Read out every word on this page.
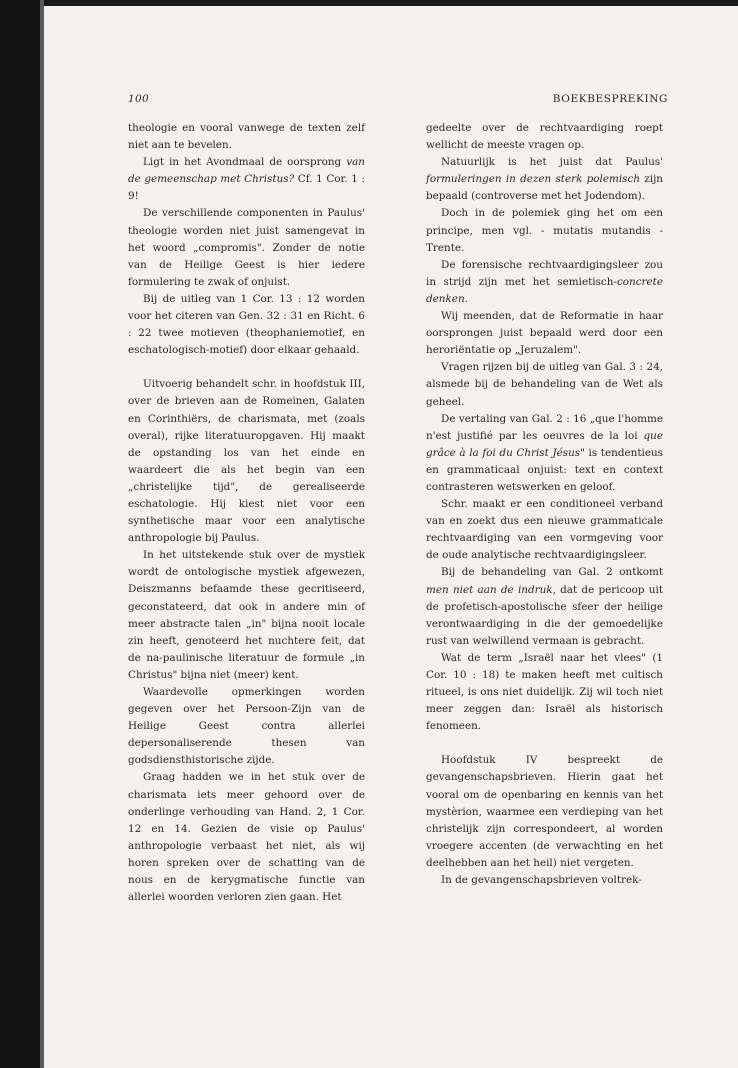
100	BOEKBESPREKING

theologie en vooral vanwege de texten zelf niet aan te bevelen.

Ligt in het Avondmaal de oorsprong van de gemeenschap met Christus? Cf. 1 Cor. 1 : 9!

De verschillende componenten in Paulus' theologie worden niet juist samengevat in het woord „compromis". Zonder de notie van de Heilige Geest is hier iedere formulering te zwak of onjuist.

Bij de uitleg van 1 Cor. 13 : 12 worden voor het citeren van Gen. 32 : 31 en Richt. 6 : 22 twee motieven (theophaniemotief, en eschatologisch-motief) door elkaar gehaald.

Uitvoerig behandelt schr. in hoofdstuk III, over de brieven aan de Romeinen, Galaten en Corinthiërs, de charismata, met (zoals overal), rijke literatuuropgaven. Hij maakt de opstanding los van het einde en waardeert die als het begin van een „christelijke tijd", de gerealiseerde eschatologie. Hij kiest niet voor een synthetische maar voor een analytische anthropologie bij Paulus.

In het uitstekende stuk over de mystiek wordt de ontologische mystiek afgewezen, Deiszmanns befaamde these gecritiseerd, geconstateerd, dat ook in andere min of meer abstracte talen „in" bijna nooit locale zin heeft, genoteerd het nuchtere feit, dat de na-paulinische literatuur de formule „in Christus" bijna niet (meer) kent.

Waardevolle opmerkingen worden gegeven over het Persoon-Zijn van de Heilige Geest contra allerlei depersonaliserende thesen van godsdiensthistorische zijde.

Graag hadden we in het stuk over de charismata iets meer gehoord over de onderlinge verhouding van Hand. 2, 1 Cor. 12 en 14. Gezien de visie op Paulus' anthropologie verbaast het niet, als wij horen spreken over de schatting van de nous en de kerygmatische functie van allerlei woorden verloren zien gaan. Het

gedeelte over de rechtvaardiging roept wellicht de meeste vragen op.

Natuurlijk is het juist dat Paulus' formuleringen in dezen sterk polemisch zijn bepaald (controverse met het Jodendom).

Doch in de polemiek ging het om een principe, men vgl. - mutatis mutandis - Trente.

De forensische rechtvaardigingsleer zou in strijd zijn met het semietisch-concrete denken.

Wij meenden, dat de Reformatie in haar oorsprongen juist bepaald werd door een heroriëntatie op „Jeruzalem".

Vragen rijzen bij de uitleg van Gal. 3 : 24, alsmede bij de behandeling van de Wet als geheel.

De vertaling van Gal. 2 : 16 „que l'homme n'est justifié par les oeuvres de la loi que grâce à la foi du Christ Jésus" is tendentieus en grammaticaal onjuist: text en context contrasteren wetswerken en geloof.

Schr. maakt er een conditioneel verband van en zoekt dus een nieuwe grammaticale rechtvaardiging van een vormgeving voor de oude analytische rechtvaardigingsleer.

Bij de behandeling van Gal. 2 ontkomt men niet aan de indruk, dat de pericoop uit de profetisch-apostolische sfeer der heilige verontwaardiging in die der gemoedelijke rust van welwillend vermaan is gebracht.

Wat de term „Israël naar het vlees" (1 Cor. 10 : 18) te maken heeft met cultisch ritueel, is ons niet duidelijk. Zij wil toch niet meer zeggen dan: Israël als historisch fenomeen.

Hoofdstuk IV bespreekt de gevangenschapsbrieven. Hierin gaat het vooral om de openbaring en kennis van het mystèrion, waarmee een verdieping van het christelijk zijn correspondeert, al worden vroegere accenten (de verwachting en het deelhebben aan het heil) niet vergeten.

In de gevangenschapsbrieven voltrek-
